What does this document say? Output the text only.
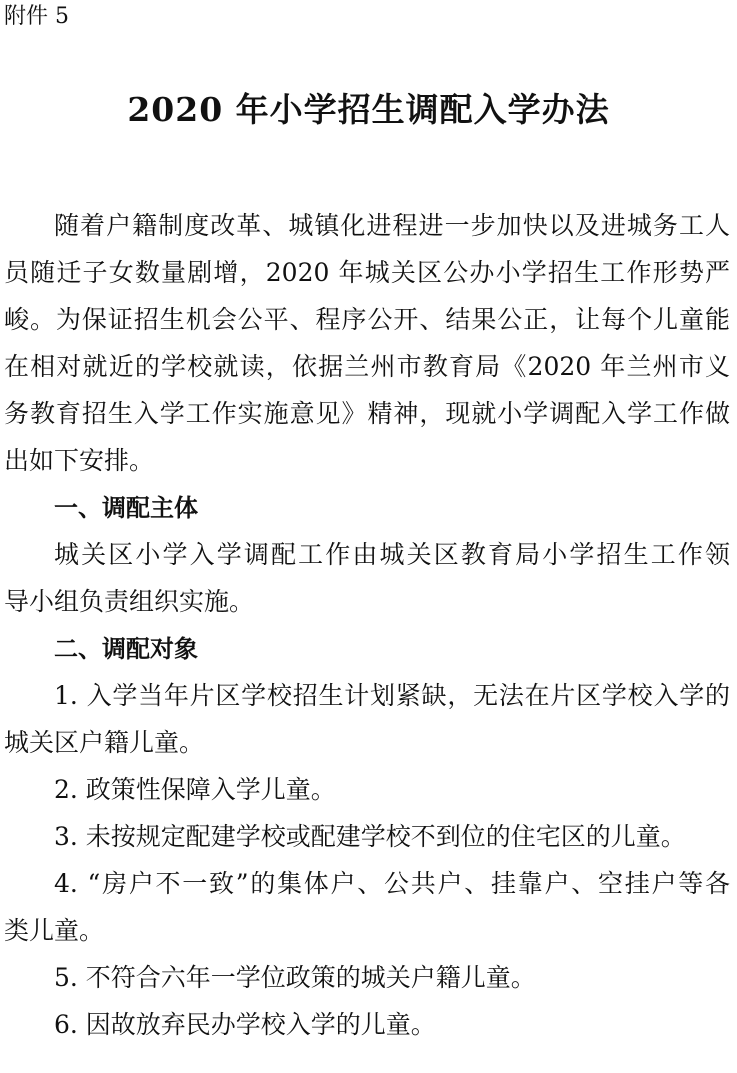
附件 5
2020 年小学招生调配入学办法
随着户籍制度改革、城镇化进程进一步加快以及进城务工人
员随迁子女数量剧增，2020 年城关区公办小学招生工作形势严
峻。为保证招生机会公平、程序公开、结果公正，让每个儿童能
在相对就近的学校就读，依据兰州市教育局《2020 年兰州市义
务教育招生入学工作实施意见》精神，现就小学调配入学工作做
出如下安排。
一、调配主体
城关区小学入学调配工作由城关区教育局小学招生工作领
导小组负责组织实施。
二、调配对象
1. 入学当年片区学校招生计划紧缺，无法在片区学校入学的
城关区户籍儿童。
2. 政策性保障入学儿童。
3. 未按规定配建学校或配建学校不到位的住宅区的儿童。
4. “房户不一致”的集体户、公共户、挂靠户、空挂户等各
类儿童。
5. 不符合六年一学位政策的城关户籍儿童。
6. 因故放弃民办学校入学的儿童。
